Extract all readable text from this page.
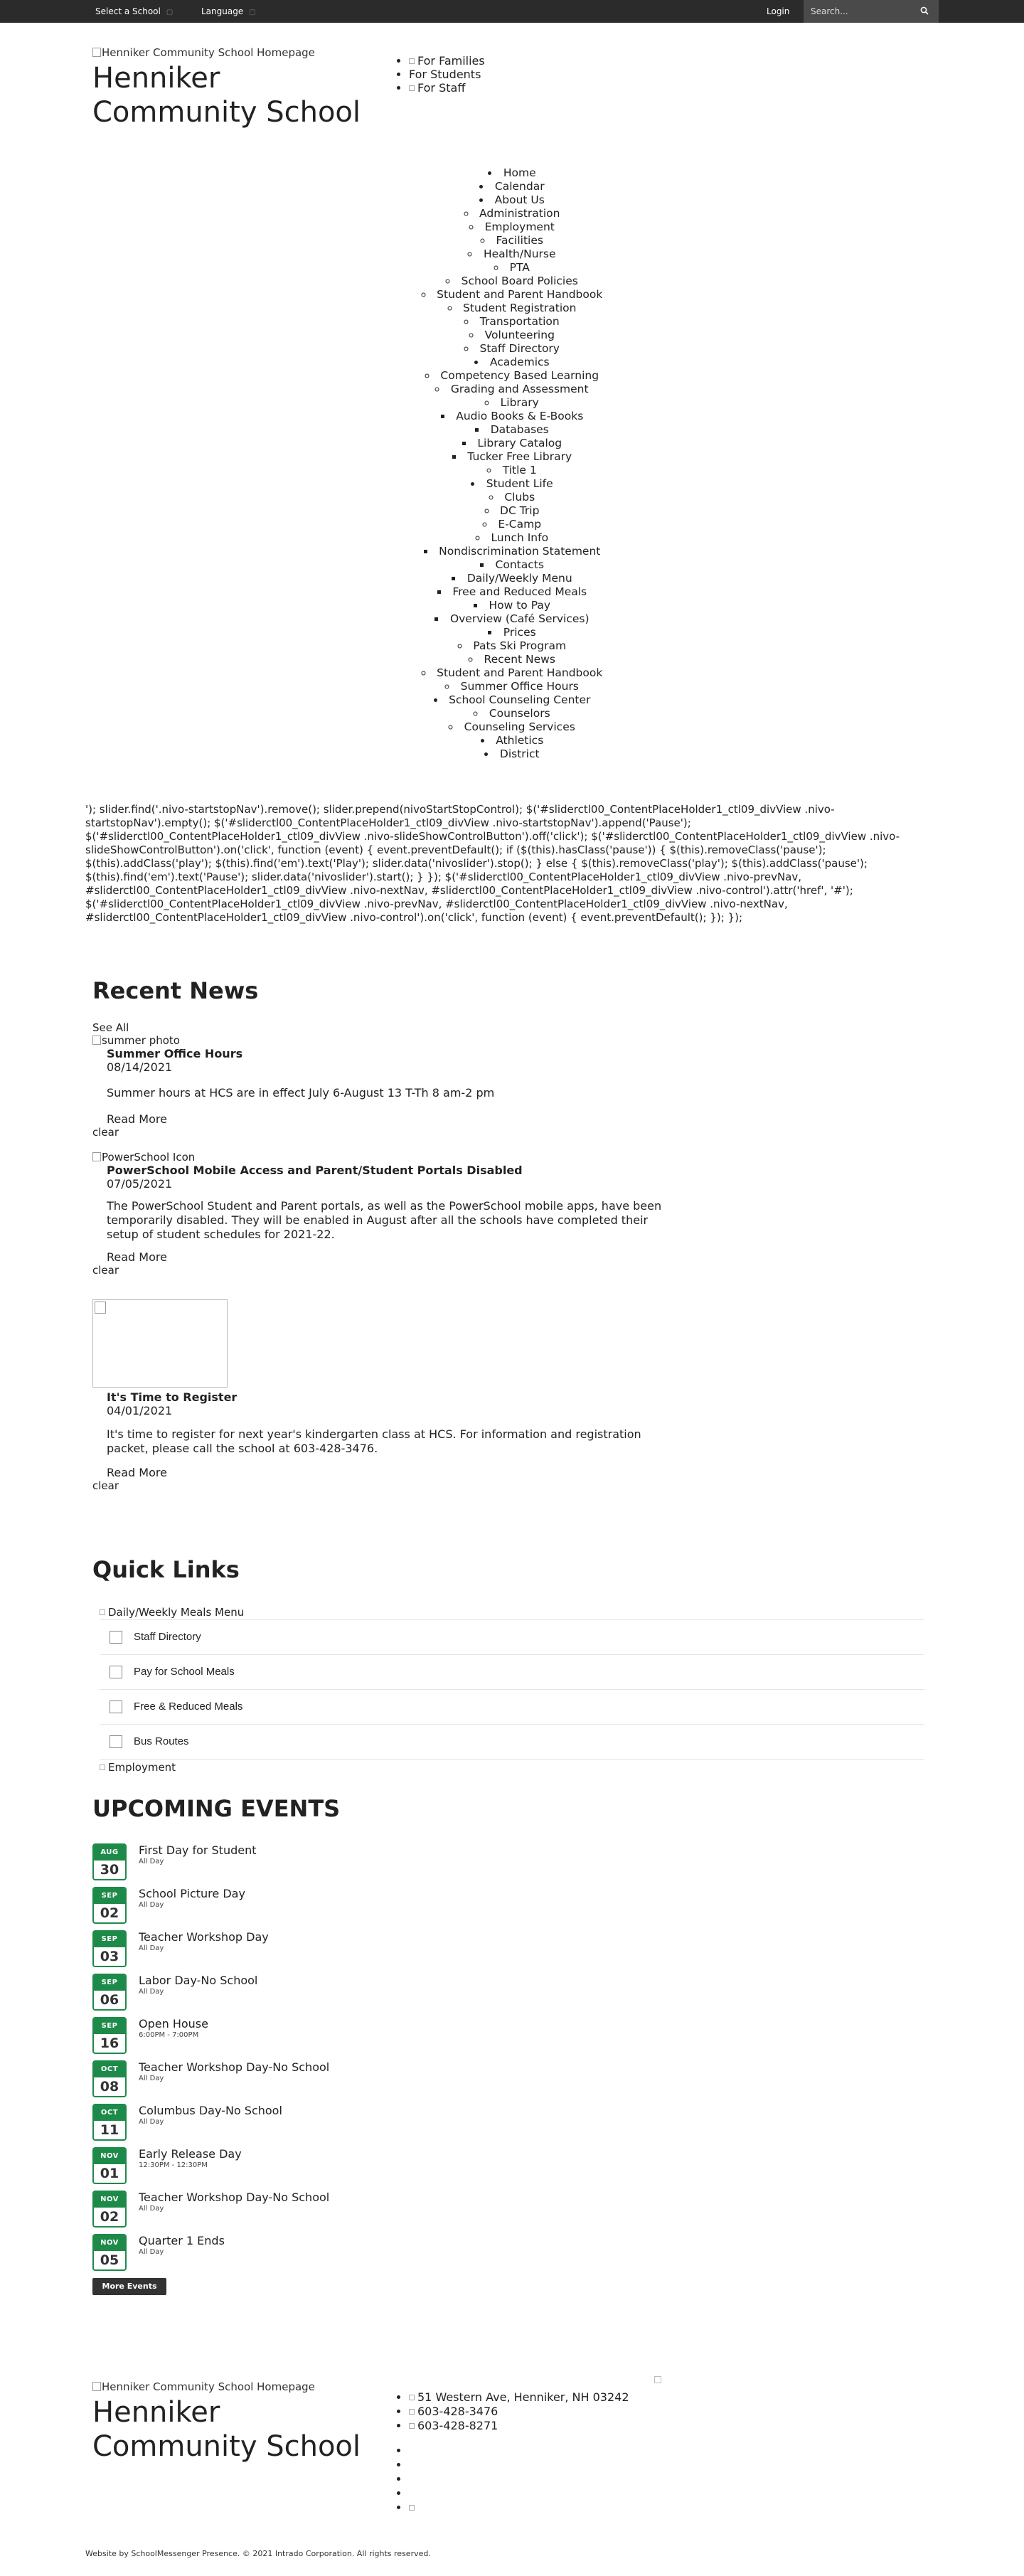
Select a School ▢	Language ▢	Login
Search...
Henniker Community School Homepage
Henniker Community School
• For Families
• For Students
• For Staff
• Home
• Calendar
• About Us
◦ Administration
◦ Employment
◦ Facilities
◦ Health/Nurse
◦ PTA
◦ School Board Policies
◦ Student and Parent Handbook
◦ Student Registration
◦ Transportation
◦ Volunteering
◦ Staff Directory
• Academics
◦ Competency Based Learning
◦ Grading and Assessment
◦ Library
▪ Audio Books & E-Books
▪ Databases
▪ Library Catalog
▪ Tucker Free Library
◦ Title 1
• Student Life
◦ Clubs
◦ DC Trip
◦ E-Camp
◦ Lunch Info
▪ Nondiscrimination Statement
▪ Contacts
▪ Daily/Weekly Menu
▪ Free and Reduced Meals
▪ How to Pay
▪ Overview (Café Services)
▪ Prices
◦ Pats Ski Program
◦ Recent News
◦ Student and Parent Handbook
◦ Summer Office Hours
• School Counseling Center
◦ Counselors
◦ Counseling Services
• Athletics
• District
'); slider.find('.nivo-startstopNav').remove(); slider.prepend(nivoStartStopControl); $('#sliderctl00_ContentPlaceHolder1_ctl09_divView .nivo-startstopNav').empty(); $('#sliderctl00_ContentPlaceHolder1_ctl09_divView .nivo-startstopNav').append('Pause'); $('#sliderctl00_ContentPlaceHolder1_ctl09_divView .nivo-slideShowControlButton').off('click'); $('#sliderctl00_ContentPlaceHolder1_ctl09_divView .nivo-slideShowControlButton').on('click', function (event) { event.preventDefault(); if ($(this).hasClass('pause')) { $(this).removeClass('pause'); $(this).addClass('play'); $(this).find('em').text('Play'); slider.data('nivoslider').stop(); } else { $(this).removeClass('play'); $(this).addClass('pause'); $(this).find('em').text('Pause'); slider.data('nivoslider').start(); } }); $('#sliderctl00_ContentPlaceHolder1_ctl09_divView .nivo-prevNav, #sliderctl00_ContentPlaceHolder1_ctl09_divView .nivo-nextNav, #sliderctl00_ContentPlaceHolder1_ctl09_divView .nivo-control').attr('href', '#'); $('#sliderctl00_ContentPlaceHolder1_ctl09_divView .nivo-prevNav, #sliderctl00_ContentPlaceHolder1_ctl09_divView .nivo-nextNav, #sliderctl00_ContentPlaceHolder1_ctl09_divView .nivo-control').on('click', function (event) { event.preventDefault(); }); });
Recent News
See All
summer photo
Summer Office Hours
08/14/2021
Summer hours at HCS are in effect July 6-August 13 T-Th 8 am-2 pm
Read More
clear
PowerSchool Icon
PowerSchool Mobile Access and Parent/Student Portals Disabled
07/05/2021
The PowerSchool Student and Parent portals, as well as the PowerSchool mobile apps, have been temporarily disabled. They will be enabled in August after all the schools have completed their setup of student schedules for 2021-22.
Read More
clear
It's Time to Register
04/01/2021
It's time to register for next year's kindergarten class at HCS. For information and registration packet, please call the school at 603-428-3476.
Read More
clear
Quick Links
Daily/Weekly Meals Menu
Staff Directory
Pay for School Meals
Free & Reduced Meals
Bus Routes
Employment
UPCOMING EVENTS
AUG
30
First Day for Student
All Day
SEP
02
School Picture Day
All Day
SEP
03
Teacher Workshop Day
All Day
SEP
06
Labor Day-No School
All Day
SEP
16
Open House
6:00PM - 7:00PM
OCT
08
Teacher Workshop Day-No School
All Day
OCT
11
Columbus Day-No School
All Day
NOV
01
Early Release Day
12:30PM - 12:30PM
NOV
02
Teacher Workshop Day-No School
All Day
NOV
05
Quarter 1 Ends
All Day
More Events
Henniker Community School Homepage
Henniker Community School
• 51 Western Ave, Henniker, NH 03242
• 603-428-3476
• 603-428-8271
•
•
•
•
•
Website by SchoolMessenger Presence. © 2021 Intrado Corporation. All rights reserved.
